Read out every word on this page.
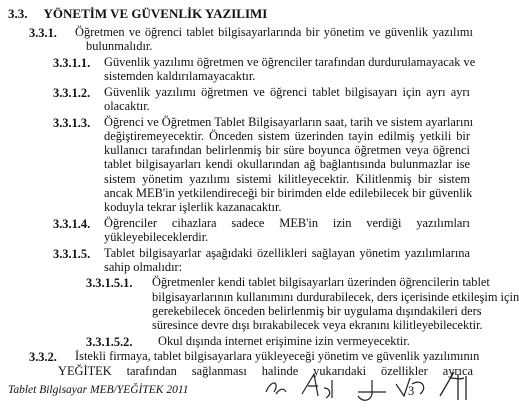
3.3. YÖNETİM VE GÜVENLİK YAZILIMI
3.3.1. Öğretmen ve öğrenci tablet bilgisayarlarında bir yönetim ve güvenlik yazılımı
bulunmalıdır.
3.3.1.1. Güvenlik yazılımı öğretmen ve öğrenciler tarafından durdurulamayacak ve
sistemden kaldırılamayacaktır.
3.3.1.2. Güvenlik yazılımı öğretmen ve öğrenci tablet bilgisayarı için ayrı ayrı
olacaktır.
3.3.1.3. Öğrenci ve Öğretmen Tablet Bilgisayarların saat, tarih ve sistem ayarlarını
değiştiremeyecektir. Önceden sistem üzerinden tayin edilmiş yetkili bir
kullanıcı tarafından belirlenmiş bir süre boyunca öğretmen veya öğrenci
tablet bilgisayarları kendi okullarından ağ bağlantısında bulunmazlar ise
sistem yönetim yazılımı sistemi kilitleyecektir. Kilitlenmiş bir sistem
ancak MEB'in yetkilendireceği bir birimden elde edilebilecek bir güvenlik
koduyla tekrar işlerlik kazanacaktır.
3.3.1.4. Öğrenciler cihazlara sadece MEB'in izin verdiği yazılımları
yükleyebileceklerdir.
3.3.1.5. Tablet bilgisayarlar aşağıdaki özellikleri sağlayan yönetim yazılımlarına
sahip olmalıdır:
3.3.1.5.1. Öğretmenler kendi tablet bilgisayarları üzerinden öğrencilerin tablet
bilgisayarlarının kullanımını durdurabilecek, ders içerisinde etkileşim için
gerekebilecek önceden belirlenmiş bir uygulama dışındakileri ders
süresince devre dışı bırakabilecek veya ekranını kilitleyebilecektir.
3.3.1.5.2. Okul dışında internet erişimine izin vermeyecektir.
3.3.2. İstekli firmaya, tablet bilgisayarlara yükleyeceği yönetim ve güvenlik yazılımının
YEĞİTEK tarafından sağlanması halinde yukarıdaki özellikler ayrıca
Tablet Bilgisayar MEB/YEĞİTEK 2011	3
